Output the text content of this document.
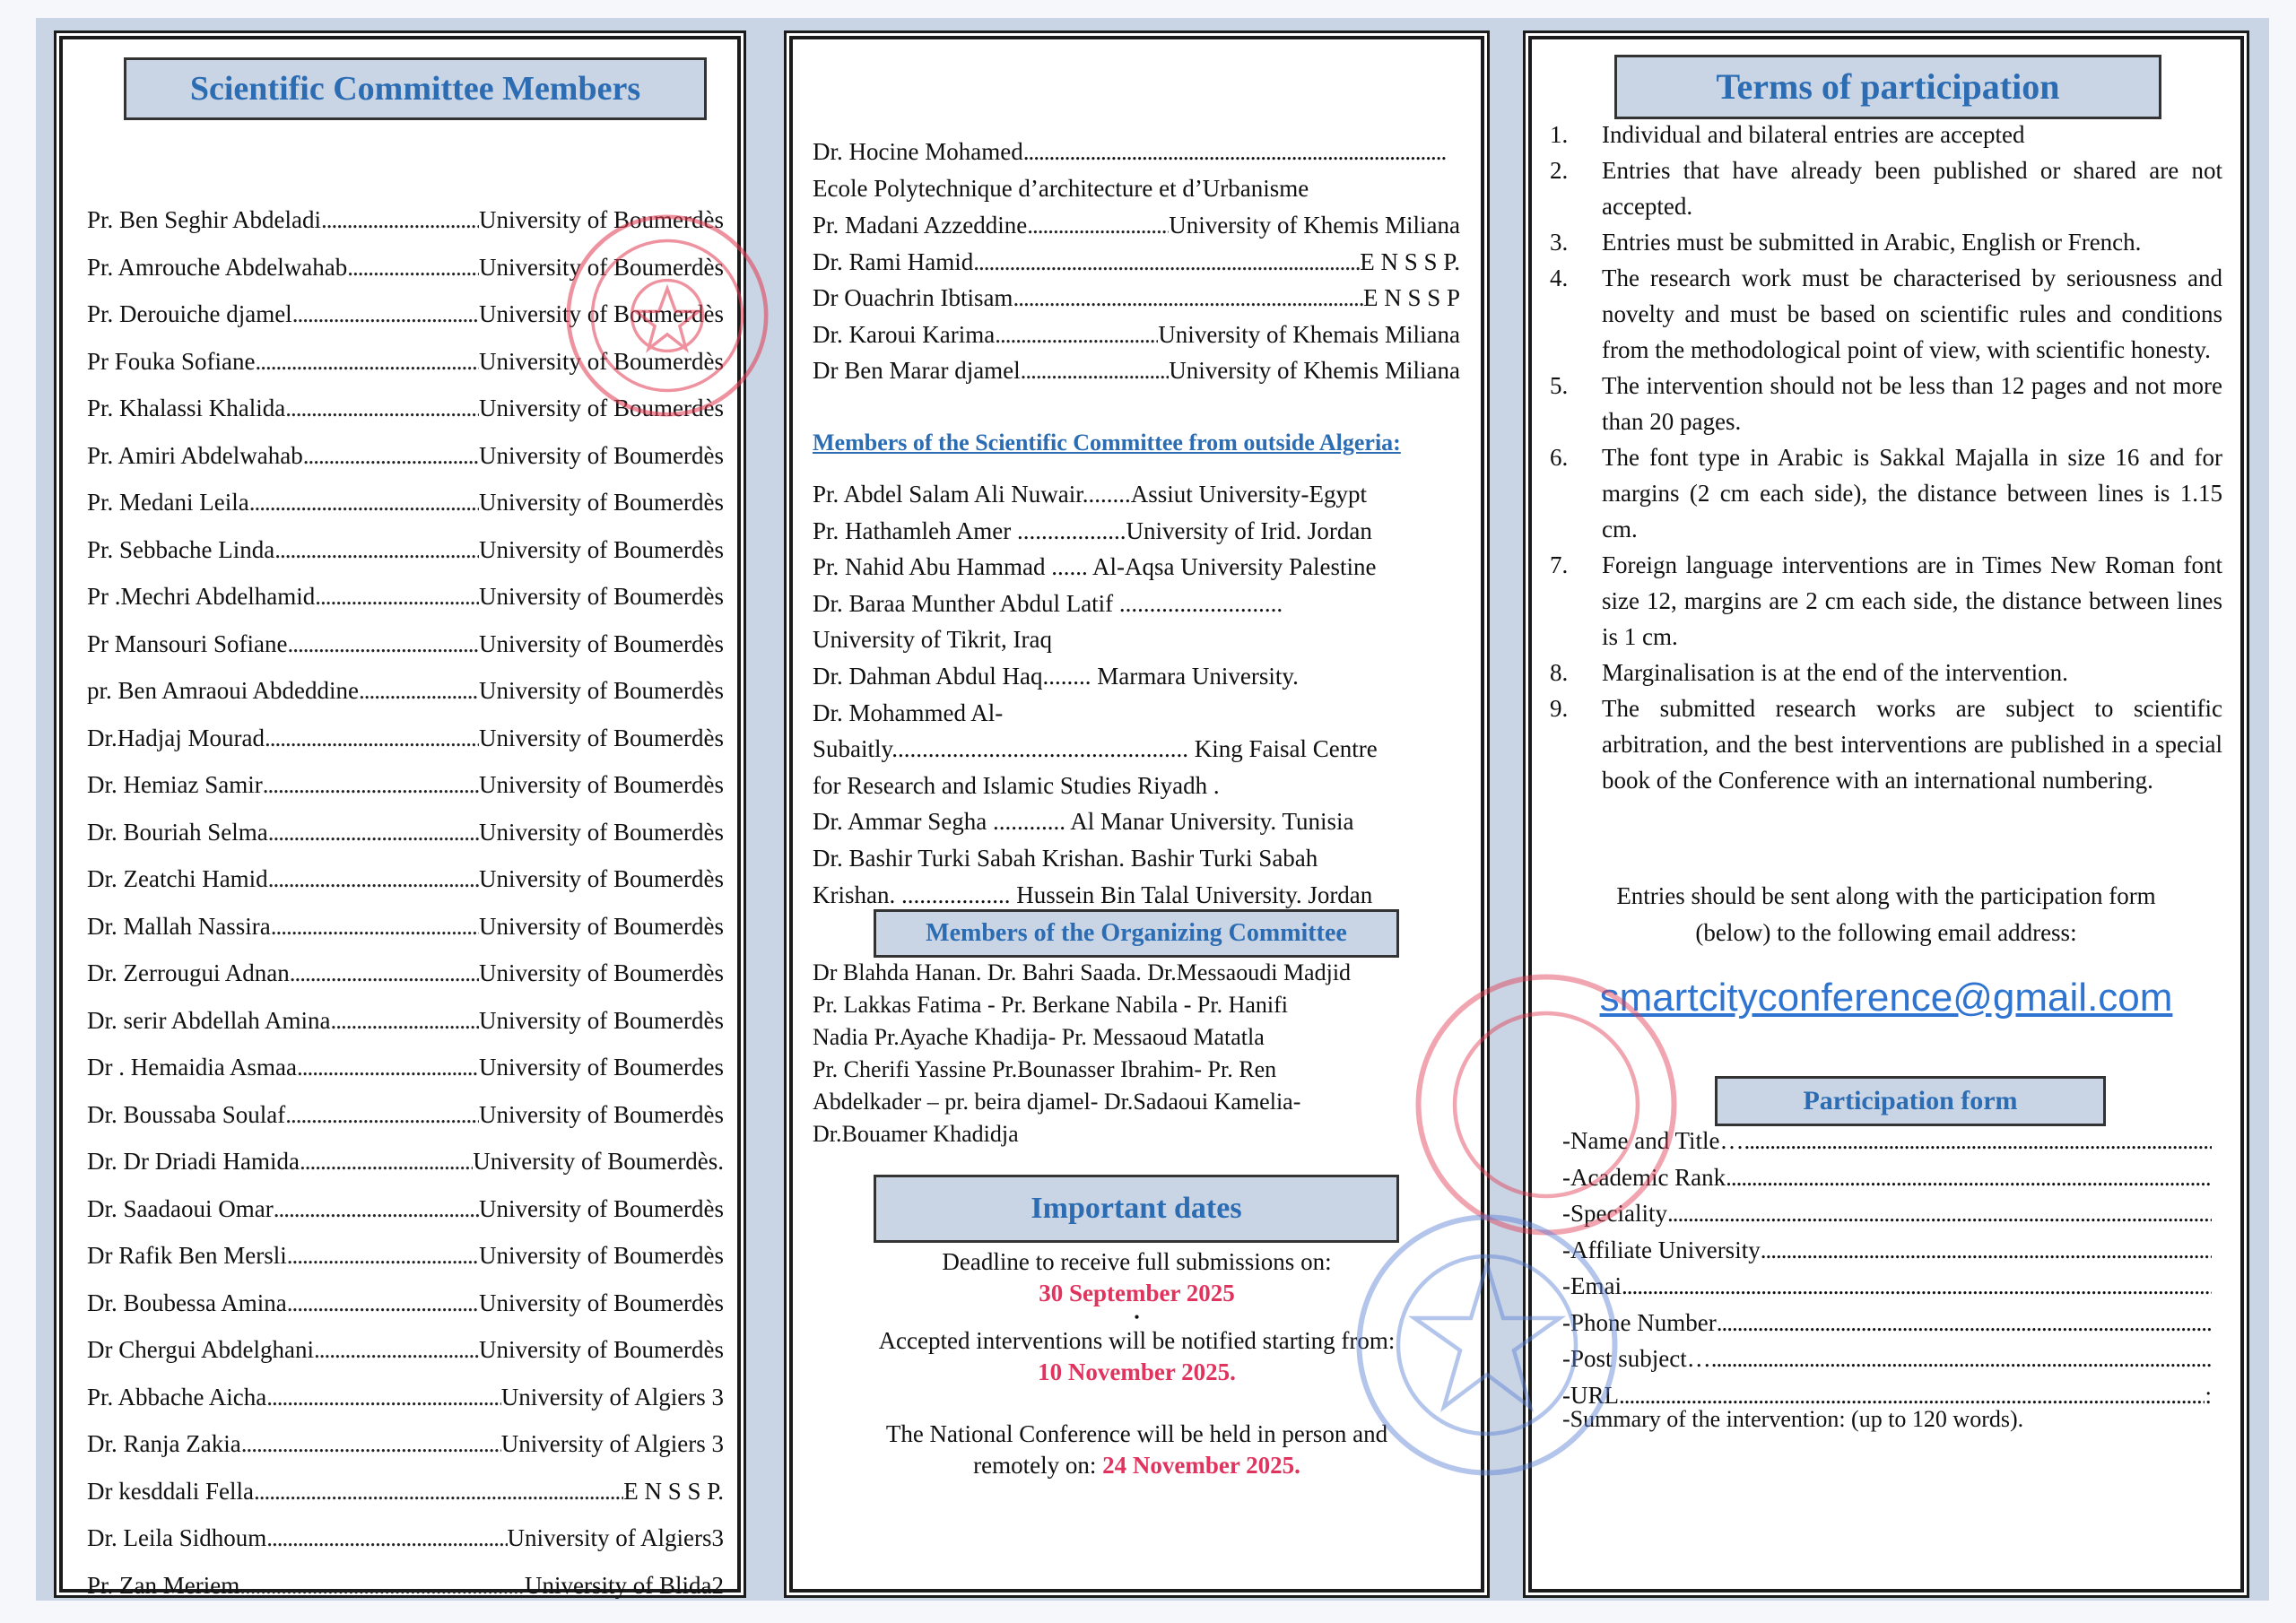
Scientific Committee Members
Pr. Ben Seghir Abdeladi .....	University of Boumerdès
Pr. Amrouche Abdelwahab .....	University of Boumerdès
Pr. Derouiche djamel .....	University of Boumerdès
Pr Fouka Sofiane .....	University of Boumerdès
Pr. Khalassi Khalida .....	University of Boumerdès
Pr. Amiri Abdelwahab .....	University of Boumerdès
Pr. Medani Leila .....	University of Boumerdès
Pr. Sebbache Linda .....	University of Boumerdès
Pr .Mechri Abdelhamid .....	University of Boumerdès
Pr Mansouri Sofiane .....	University of Boumerdès
pr. Ben Amraoui Abdeddine .....	University of Boumerdès
Dr.Hadjaj Mourad .....	University of Boumerdès
Dr. Hemiaz Samir .....	University of Boumerdès
Dr. Bouriah Selma .....	University of Boumerdès
Dr. Zeatchi Hamid .....	University of Boumerdès
Dr. Mallah Nassira .....	University of Boumerdès
Dr. Zerrougui Adnan .....	University of Boumerdès
Dr. serir Abdellah Amina .....	University of Boumerdès
Dr . Hemaidia Asmaa .....	University of Boumerdes
Dr. Boussaba Soulaf .....	University of Boumerdès
Dr. Dr Driadi Hamida .....	University of Boumerdès.
Dr. Saadaoui Omar .....	University of Boumerdès
Dr Rafik Ben Mersli .....	University of Boumerdès
Dr. Boubessa Amina .....	University of Boumerdès
Dr Chergui Abdelghani .....	University of Boumerdès
Pr. Abbache Aicha .....	University of Algiers 3
Dr. Ranja Zakia .....	University of Algiers 3
Dr kesddali Fella .....	E N S S P.
Dr. Leila Sidhoum .....	University of Algiers3
Pr. Zan Meriem .....	University of Blida2
Dr. Hocine Mohamed ..................................................................................
Ecole Polytechnique d’architecture et d’Urbanisme
Pr. Madani Azzeddine .....	University of Khemis Miliana
Dr. Rami Hamid .....	E N S S P.
Dr Ouachrin Ibtisam .....	E N S S P
Dr. Karoui Karima .....	University of Khemais Miliana
Dr Ben Marar djamel .....	University of Khemis Miliana
Members of the Scientific Committee from outside Algeria:
Pr. Abdel Salam Ali Nuwair........Assiut University-Egypt
Pr. Hathamleh Amer ..................University of Irid. Jordan
Pr. Nahid Abu Hammad ...... Al-Aqsa University Palestine
Dr. Baraa Munther Abdul Latif ...........................
University of Tikrit, Iraq
Dr. Dahman Abdul Haq........ Marmara University.
Dr. Mohammed Al-
Subaitly................................................. King Faisal Centre
for Research and Islamic Studies Riyadh .
Dr. Ammar Segha ............ Al Manar University. Tunisia
Dr. Bashir Turki Sabah Krishan. Bashir Turki Sabah
Krishan. .................. Hussein Bin Talal University. Jordan
Members of the Organizing Committee
Dr Blahda Hanan. Dr. Bahri Saada. Dr.Messaoudi Madjid
Pr. Lakkas Fatima - Pr. Berkane Nabila - Pr. Hanifi
Nadia Pr.Ayache Khadija- Pr. Messaoud Matatla
Pr. Cherifi Yassine Pr.Bounasser Ibrahim- Pr. Ren
Abdelkader – pr. beira djamel- Dr.Sadaoui Kamelia-
Dr.Bouamer Khadidja
Important dates
Deadline to receive full submissions on:
30 September 2025
•
Accepted interventions will be notified starting from:
10 November 2025.
The National Conference will be held in person and
remotely on: 24 November 2025.
Terms of participation
1.	Individual and bilateral entries are accepted
2.	Entries that have already been published or shared are not accepted.
3.	Entries must be submitted in Arabic, English or French.
4.	The research work must be characterised by seriousness and novelty and must be based on scientific rules and conditions from the methodological point of view, with scientific honesty.
5.	The intervention should not be less than 12 pages and not more than 20 pages.
6.	The font type in Arabic is Sakkal Majalla in size 16 and for margins (2 cm each side), the distance between lines is 1.15 cm.
7.	Foreign language interventions are in Times New Roman font size 12, margins are 2 cm each side, the distance between lines is 1 cm.
8.	Marginalisation is at the end of the intervention.
9.	The submitted research works are subject to scientific arbitration, and the best interventions are published in a special book of the Conference with an international numbering.
Entries should be sent along with the participation form
(below) to the following email address:
smartcityconference@gmail.com
Participation form
-Name and Title…
.....
-Academic Rank
.....
-Speciality
.....
-Affiliate University
.....
-Emai
.....
-Phone Number
.....
-Post subject…
.....
-URL .....	:
-Summary of the intervention: (up to 120 words).
